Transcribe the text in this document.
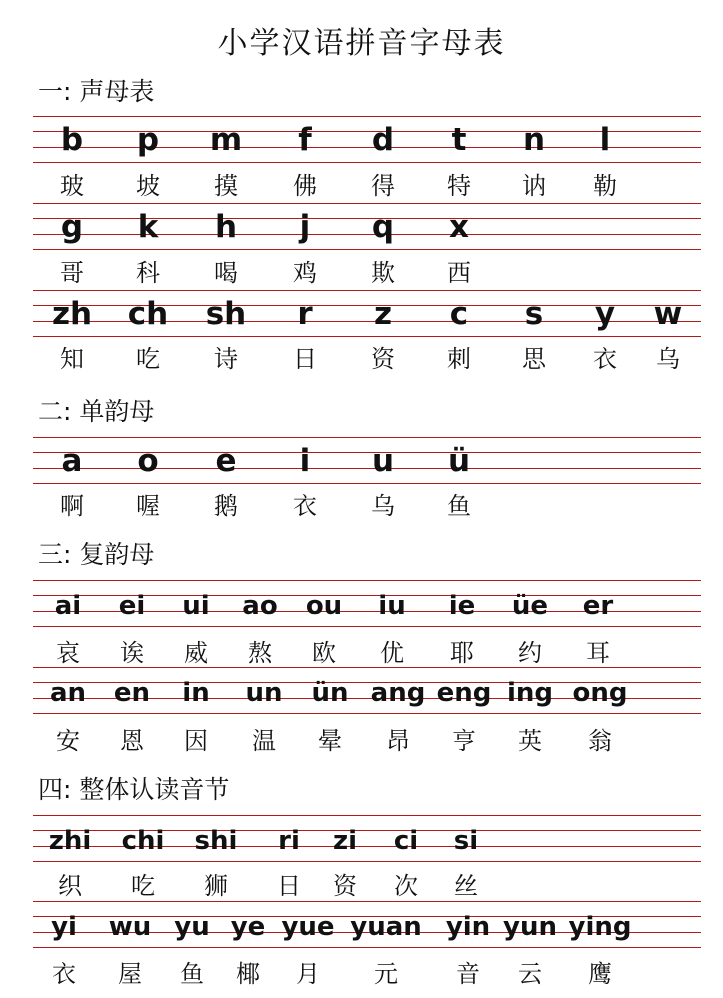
小学汉语拼音字母表
一: 声母表
b p m f d t n l
玻 坡 摸 佛 得 特 讷 勒
g k h j q x
哥 科 喝 鸡 欺 西
zh ch sh r z c s y w
知 吃 诗 日 资 刺 思 衣 乌
二: 单韵母
a o e i u ü
啊 喔 鹅 衣 乌 鱼
三: 复韵母
ai ei ui ao ou iu ie üe er
哀 诶 威 熬 欧 优 耶 约 耳
an en in un ün ang eng ing ong
安 恩 因 温 晕 昂 亨 英 翁
四: 整体认读音节
zhi chi shi ri zi ci si
织 吃 狮 日 资 次 丝
yi wu yu ye yue yuan yin yun ying
衣 屋 鱼 椰 月 元 音 云 鹰
